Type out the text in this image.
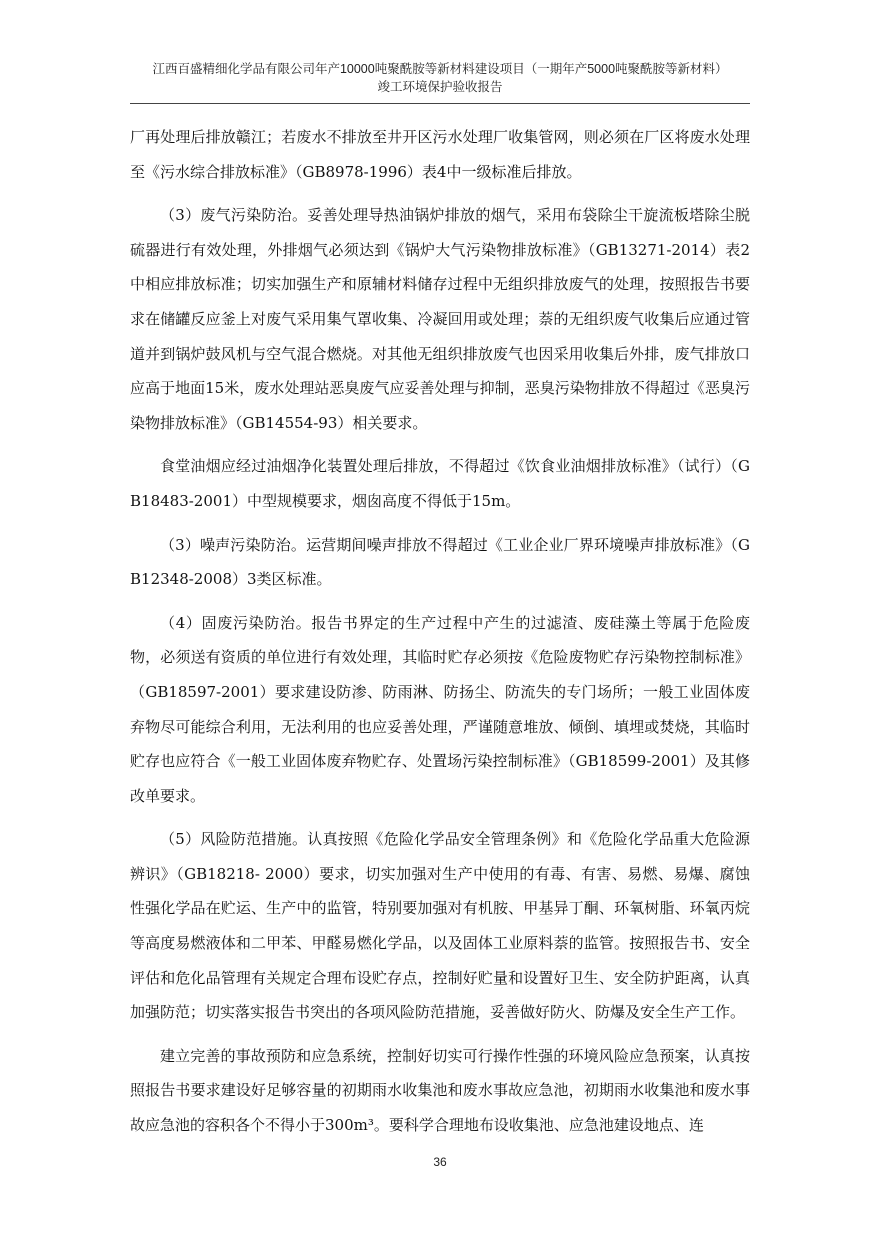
江西百盛精细化学品有限公司年产10000吨聚酰胺等新材料建设项目（一期年产5000吨聚酰胺等新材料）
竣工环境保护验收报告

厂再处理后排放赣江；若废水不排放至井开区污水处理厂收集管网，则必须在厂区将废水处理至《污水综合排放标准》（GB8978-1996）表4中一级标准后排放。

（3）废气污染防治。妥善处理导热油锅炉排放的烟气，采用布袋除尘干旋流板塔除尘脱硫器进行有效处理，外排烟气必须达到《锅炉大气污染物排放标准》（GB13271-2014）表2中相应排放标准；切实加强生产和原辅材料储存过程中无组织排放废气的处理，按照报告书要求在储罐反应釜上对废气采用集气罩收集、冷凝回用或处理；萘的无组织废气收集后应通过管道并到锅炉鼓风机与空气混合燃烧。对其他无组织排放废气也因采用收集后外排，废气排放口应高于地面15米，废水处理站恶臭废气应妥善处理与抑制，恶臭污染物排放不得超过《恶臭污染物排放标准》（GB14554-93）相关要求。

食堂油烟应经过油烟净化装置处理后排放，不得超过《饮食业油烟排放标准》（试行）（GB18483-2001）中型规模要求，烟囱高度不得低于15m。

（3）噪声污染防治。运营期间噪声排放不得超过《工业企业厂界环境噪声排放标准》（GB12348-2008）3类区标准。

（4）固废污染防治。报告书界定的生产过程中产生的过滤渣、废硅藻土等属于危险废物，必须送有资质的单位进行有效处理，其临时贮存必须按《危险废物贮存污染物控制标准》（GB18597-2001）要求建设防渗、防雨淋、防扬尘、防流失的专门场所；一般工业固体废弃物尽可能综合利用，无法利用的也应妥善处理，严谨随意堆放、倾倒、填埋或焚烧，其临时贮存也应符合《一般工业固体废弃物贮存、处置场污染控制标准》（GB18599-2001）及其修改单要求。

（5）风险防范措施。认真按照《危险化学品安全管理条例》和《危险化学品重大危险源辨识》（GB18218- 2000）要求，切实加强对生产中使用的有毒、有害、易燃、易爆、腐蚀性强化学品在贮运、生产中的监管，特别要加强对有机胺、甲基异丁酮、环氧树脂、环氧丙烷等高度易燃液体和二甲苯、甲醛易燃化学品，以及固体工业原料萘的监管。按照报告书、安全评估和危化品管理有关规定合理布设贮存点，控制好贮量和设置好卫生、安全防护距离，认真加强防范；切实落实报告书突出的各项风险防范措施，妥善做好防火、防爆及安全生产工作。

建立完善的事故预防和应急系统，控制好切实可行操作性强的环境风险应急预案，认真按照报告书要求建设好足够容量的初期雨水收集池和废水事故应急池，初期雨水收集池和废水事故应急池的容积各个不得小于300m³。要科学合理地布设收集池、应急池建设地点、连

36
